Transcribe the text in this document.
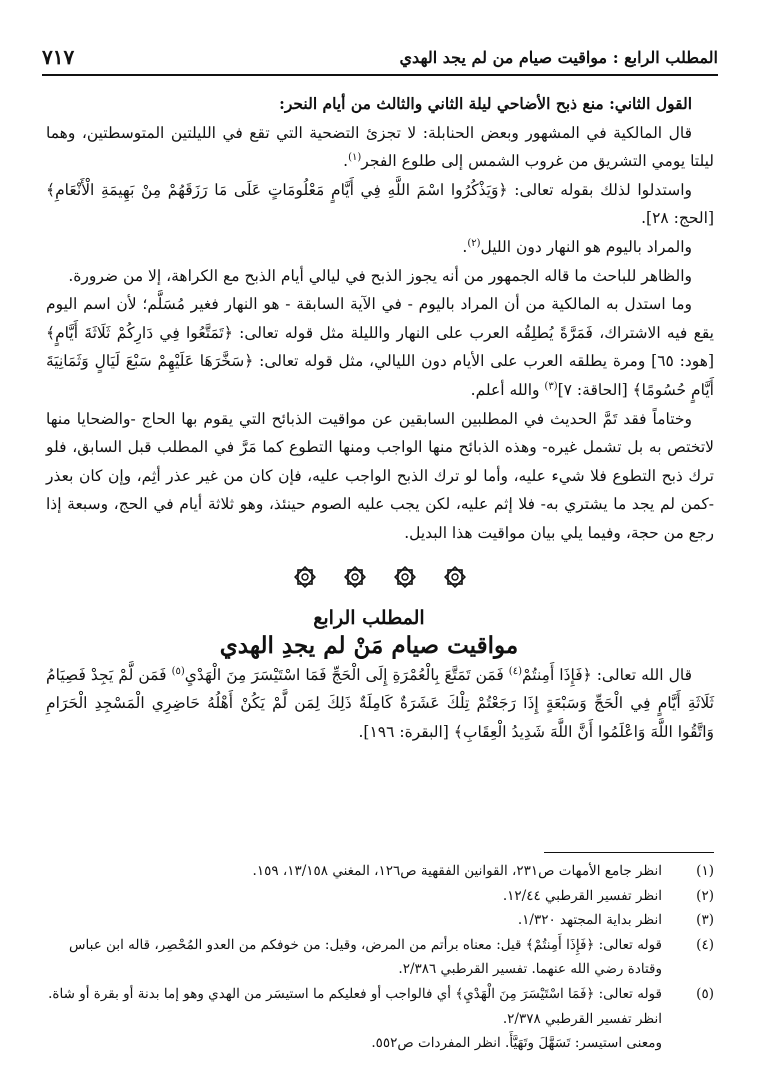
٧١٧	المطلب الرابع : مواقيت صيام من لم يجد الهدي

القول الثاني: منع ذبح الأضاحي ليلة الثاني والثالث من أيام النحر:

قال المالكية في المشهور وبعض الحنابلة: لا تجزئ التضحية التي تقع في الليلتين المتوسطتين، وهما ليلتا يومي التشريق من غروب الشمس إلى طلوع الفجر$^{(١)}$.

واستدلوا لذلك بقوله تعالى: ﴿وَيَذْكُرُوا اسْمَ اللَّهِ فِي أَيَّامٍ مَعْلُومَاتٍ عَلَى مَا رَزَقَهُمْ مِنْ بَهِيمَةِ الْأَنْعَامِ﴾ [الحج: ٢٨].

والمراد باليوم هو النهار دون الليل$^{(٢)}$.

والظاهر للباحث ما قاله الجمهور من أنه يجوز الذبح في ليالي أيام الذبح مع الكراهة، إلا من ضرورة.

وما استدل به المالكية من أن المراد باليوم - في الآية السابقة - هو النهار فغير مُسَلَّم؛ لأن اسم اليوم يقع فيه الاشتراك، فَمَرَّةً يُطلِقُه العرب على النهار والليلة مثل قوله تعالى: ﴿تَمَتَّعُوا فِي دَارِكُمْ ثَلَاثَةَ أَيَّامٍ﴾ [هود: ٦٥] ومرة يطلقه العرب على الأيام دون الليالي، مثل قوله تعالى: ﴿سَخَّرَهَا عَلَيْهِمْ سَبْعَ لَيَالٍ وَثَمَانِيَةَ أَيَّامٍ حُسُومًا﴾ [الحاقة: ٧]$^{(٣)}$ والله أعلم.

وختاماً فقد تَمَّ الحديث في المطلبين السابقين عن مواقيت الذبائح التي يقوم بها الحاج -والضحايا منها لاتختص به بل تشمل غيره- وهذه الذبائح منها الواجب ومنها التطوع كما مَرَّ في المطلب قبل السابق، فلو ترك ذبح التطوع فلا شيء عليه، وأما لو ترك الذبح الواجب عليه، فإن كان من غير عذر أثِم، وإن كان بعذر -كمن لم يجد ما يشتري به- فلا إثم عليه، لكن يجب عليه الصوم حينئذ، وهو ثلاثة أيام في الحج، وسبعة إذا رجع من حجة، وفيما يلي بيان مواقيت هذا البديل.

المطلب الرابع

مواقيت صيام مَنْ لم يجدِ الهدي

قال الله تعالى: ﴿فَإِذَا أَمِنتُمْ$^{(٤)}$ فَمَن تَمَتَّعَ بِالْعُمْرَةِ إِلَى الْحَجِّ فَمَا اسْتَيْسَرَ مِنَ الْهَدْيِ$^{(٥)}$ فَمَن لَّمْ يَجِدْ فَصِيَامُ ثَلَاثَةِ أَيَّامٍ فِي الْحَجِّ وَسَبْعَةٍ إِذَا رَجَعْتُمْ تِلْكَ عَشَرَةٌ كَامِلَةٌ ذَلِكَ لِمَن لَّمْ يَكُنْ أَهْلُهُ حَاضِرِي الْمَسْجِدِ الْحَرَامِ وَاتَّقُوا اللَّهَ وَاعْلَمُوا أَنَّ اللَّهَ شَدِيدُ الْعِقَابِ﴾ [البقرة: ١٩٦].

(١)
انظر جامع الأمهات ص٢٣١، القوانين الفقهية ص١٢٦، المغني ١٣/١٥٨، ١٥٩.
(٢)
انظر تفسير القرطبي ١٢/٤٤.
(٣)
انظر بداية المجتهد ١/٣٢٠.
(٤)
قوله تعالى: ﴿فَإِذَا أَمِنتُمْ﴾ قيل: معناه برأتم من المرض، وقيل: من خوفكم من العدو المُحْصِر، قاله ابن عباس وقتادة رضي الله عنهما. تفسير القرطبي ٢/٣٨٦.
(٥)
قوله تعالى: ﴿فَمَا اسْتَيْسَرَ مِنَ الْهَدْيِ﴾ أي فالواجب أو فعليكم ما استيسَر من الهدي وهو إما بدنة أو بقرة أو شاة. انظر تفسير القرطبي ٢/٣٧٨.
ومعنى استيسر: تَسَهَّلَ وتَهَيَّأَ. انظر المفردات ص٥٥٢.
